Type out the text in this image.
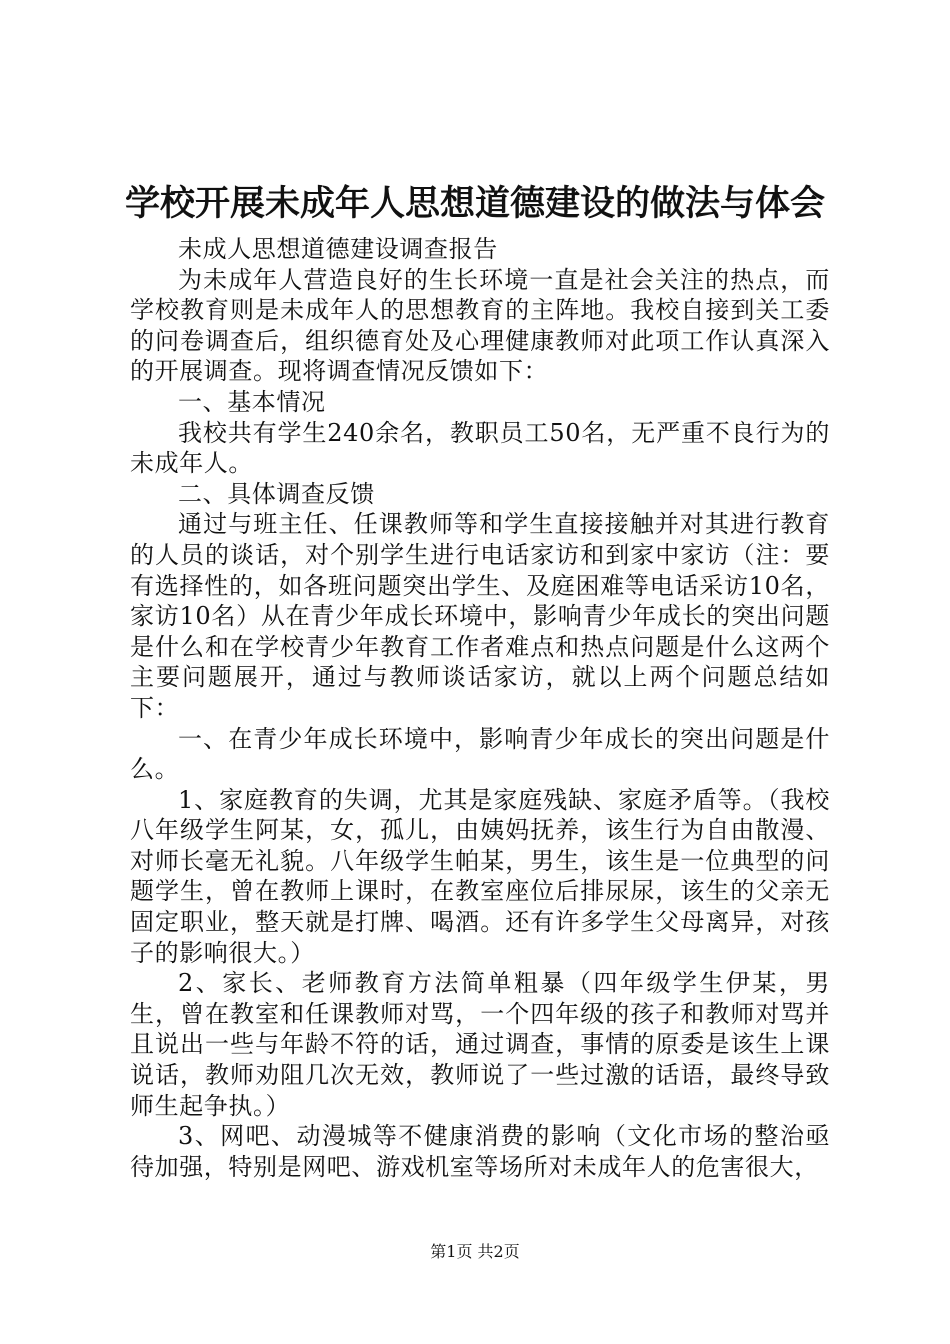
学校开展未成年人思想道德建设的做法与体会

未成人思想道德建设调查报告

为未成年人营造良好的生长环境一直是社会关注的热点，而学校教育则是未成年人的思想教育的主阵地。我校自接到关工委的问卷调查后，组织德育处及心理健康教师对此项工作认真深入的开展调查。现将调查情况反馈如下：

一、基本情况

我校共有学生240余名，教职员工50名，无严重不良行为的未成年人。

二、具体调查反馈

通过与班主任、任课教师等和学生直接接触并对其进行教育的人员的谈话，对个别学生进行电话家访和到家中家访（注：要有选择性的，如各班问题突出学生、及庭困难等电话采访10名，家访10名）从在青少年成长环境中，影响青少年成长的突出问题是什么和在学校青少年教育工作者难点和热点问题是什么这两个主要问题展开，通过与教师谈话家访，就以上两个问题总结如下：

一、在青少年成长环境中，影响青少年成长的突出问题是什么。

1、家庭教育的失调，尤其是家庭残缺、家庭矛盾等。（我校八年级学生阿某，女，孤儿，由姨妈抚养，该生行为自由散漫、对师长毫无礼貌。八年级学生帕某，男生，该生是一位典型的问题学生，曾在教师上课时，在教室座位后排尿尿，该生的父亲无固定职业，整天就是打牌、喝酒。还有许多学生父母离异，对孩子的影响很大。）

2、家长、老师教育方法简单粗暴（四年级学生伊某，男生，曾在教室和任课教师对骂，一个四年级的孩子和教师对骂并且说出一些与年龄不符的话，通过调查，事情的原委是该生上课说话，教师劝阻几次无效，教师说了一些过激的话语，最终导致师生起争执。）

3、网吧、动漫城等不健康消费的影响（文化市场的整治亟待加强，特别是网吧、游戏机室等场所对未成年人的危害很大，

第1页 共2页
